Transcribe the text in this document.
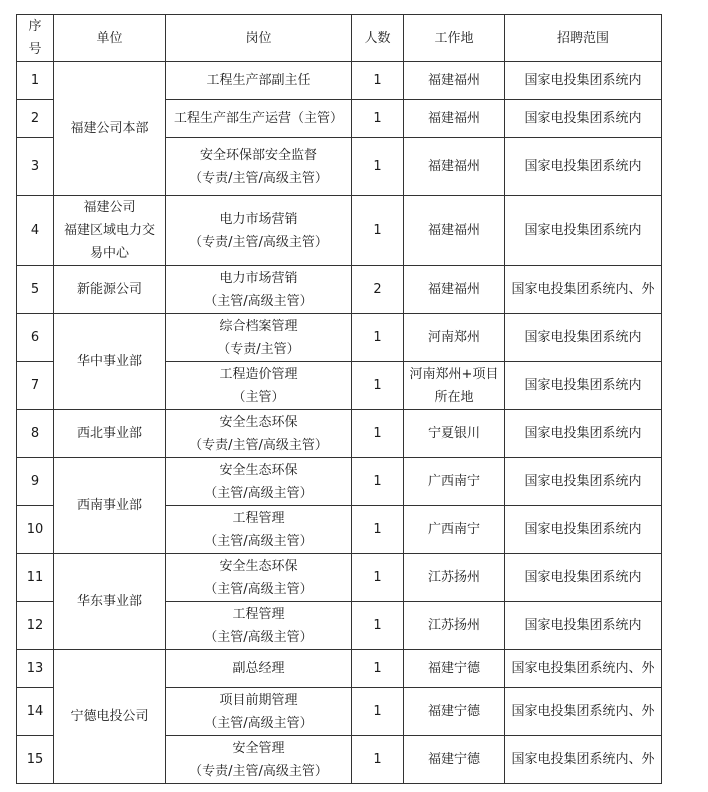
序
号	单位	岗位	人数	工作地	招聘范围
1	福建公司本部	工程生产部副主任	1	福建福州	国家电投集团系统内
2		工程生产部生产运营（主管）	1	福建福州	国家电投集团系统内
3		安全环保部安全监督
（专责/主管/高级主管）	1	福建福州	国家电投集团系统内
4	福建公司
福建区域电力交
易中心	电力市场营销
（专责/主管/高级主管）	1	福建福州	国家电投集团系统内
5	新能源公司	电力市场营销
（主管/高级主管）	2	福建福州	国家电投集团系统内、外
6	华中事业部	综合档案管理
（专责/主管）	1	河南郑州	国家电投集团系统内
7		工程造价管理
（主管）	1	河南郑州+项目
所在地	国家电投集团系统内
8	西北事业部	安全生态环保
（专责/主管/高级主管）	1	宁夏银川	国家电投集团系统内
9	西南事业部	安全生态环保
（主管/高级主管）	1	广西南宁	国家电投集团系统内
10		工程管理
（主管/高级主管）	1	广西南宁	国家电投集团系统内
11	华东事业部	安全生态环保
（主管/高级主管）	1	江苏扬州	国家电投集团系统内
12		工程管理
（主管/高级主管）	1	江苏扬州	国家电投集团系统内
13	宁德电投公司	副总经理	1	福建宁德	国家电投集团系统内、外
14		项目前期管理
（主管/高级主管）	1	福建宁德	国家电投集团系统内、外
15		安全管理
（专责/主管/高级主管）	1	福建宁德	国家电投集团系统内、外
